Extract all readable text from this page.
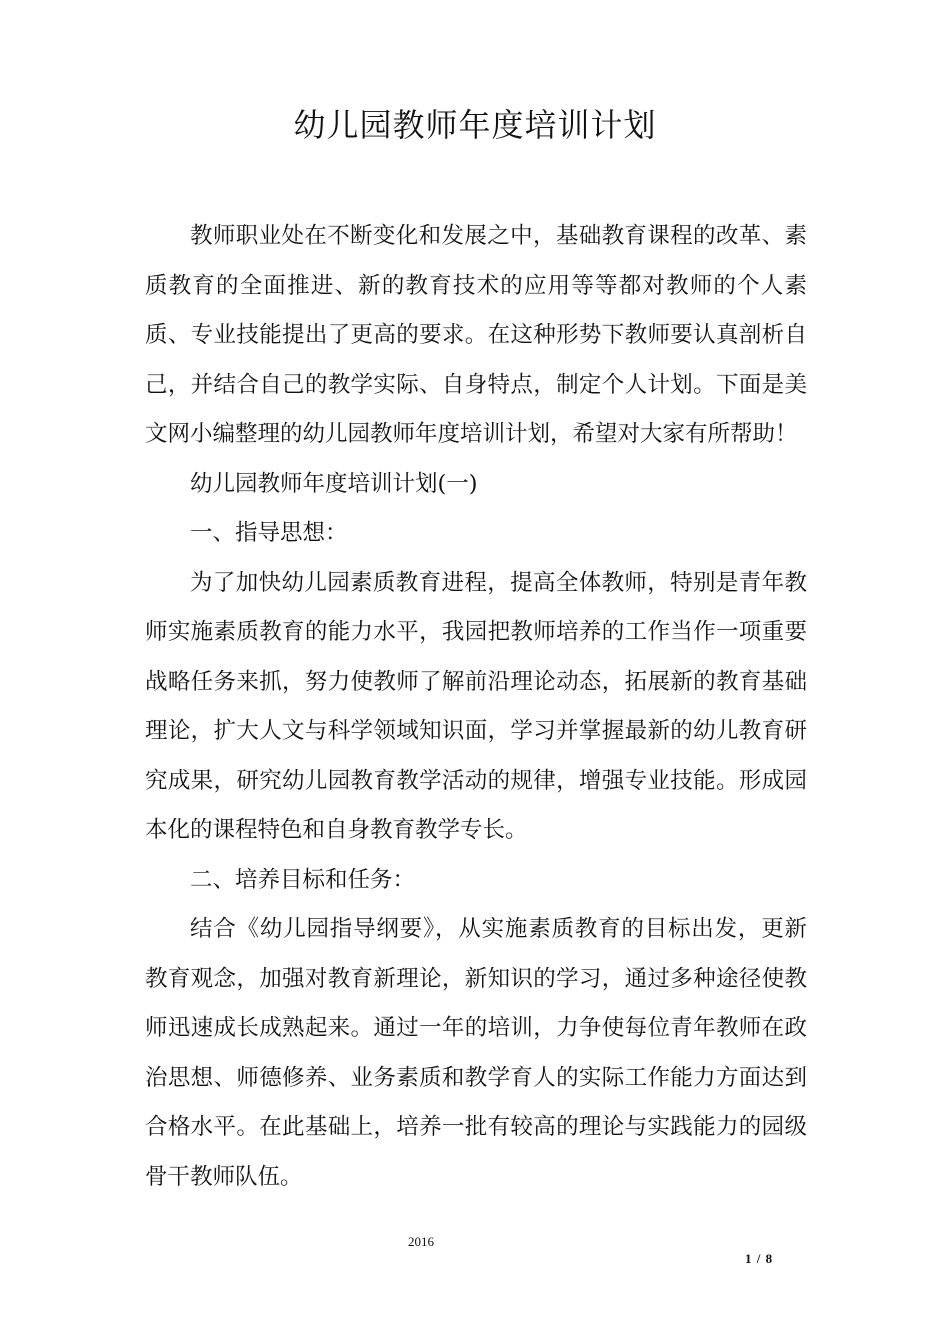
幼儿园教师年度培训计划

教师职业处在不断变化和发展之中，基础教育课程的改革、素质教育的全面推进、新的教育技术的应用等等都对教师的个人素质、专业技能提出了更高的要求。在这种形势下教师要认真剖析自己，并结合自己的教学实际、自身特点，制定个人计划。下面是美文网小编整理的幼儿园教师年度培训计划，希望对大家有所帮助！

幼儿园教师年度培训计划(一)

一、指导思想：

为了加快幼儿园素质教育进程，提高全体教师，特别是青年教师实施素质教育的能力水平，我园把教师培养的工作当作一项重要战略任务来抓，努力使教师了解前沿理论动态，拓展新的教育基础理论，扩大人文与科学领域知识面，学习并掌握最新的幼儿教育研究成果，研究幼儿园教育教学活动的规律，增强专业技能。形成园本化的课程特色和自身教育教学专长。

二、培养目标和任务：

结合《幼儿园指导纲要》，从实施素质教育的目标出发，更新教育观念，加强对教育新理论，新知识的学习，通过多种途径使教师迅速成长成熟起来。通过一年的培训，力争使每位青年教师在政治思想、师德修养、业务素质和教学育人的实际工作能力方面达到合格水平。在此基础上，培养一批有较高的理论与实践能力的园级骨干教师队伍。

2016
1 / 8
